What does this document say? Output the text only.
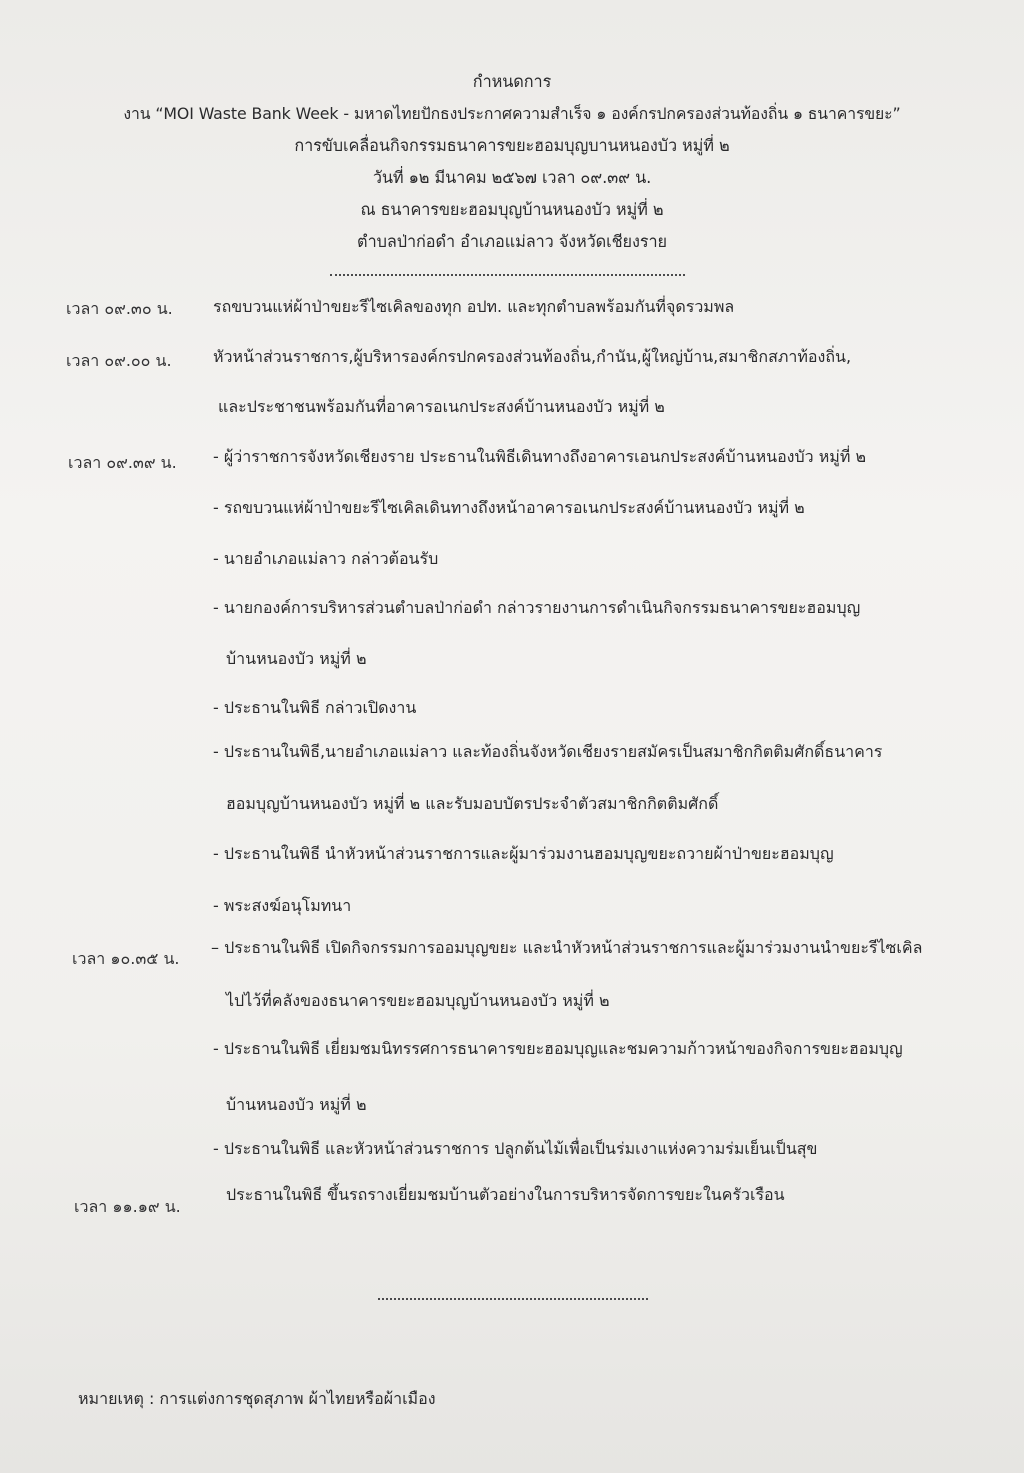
กำหนดการ
งาน “MOI Waste Bank Week - มหาดไทยปักธงประกาศความสำเร็จ ๑ องค์กรปกครองส่วนท้องถิ่น ๑ ธนาคารขยะ”
การขับเคลื่อนกิจกรรมธนาคารขยะฮอมบุญบานหนองบัว หมู่ที่ ๒
วันที่ ๑๒ มีนาคม ๒๕๖๗ เวลา ๐๙.๓๙ น.
ณ ธนาคารขยะฮอมบุญบ้านหนองบัว หมู่ที่ ๒
ตำบลป่าก่อดำ อำเภอแม่ลาว จังหวัดเชียงราย
เวลา ๐๙.๓๐ น.	รถขบวนแห่ผ้าป่าขยะรีไซเคิลของทุก อปท. และทุกตำบลพร้อมกันที่จุดรวมพล
เวลา ๐๙.๐๐ น.	หัวหน้าส่วนราชการ,ผู้บริหารองค์กรปกครองส่วนท้องถิ่น,กำนัน,ผู้ใหญ่บ้าน,สมาชิกสภาท้องถิ่น,
และประชาชนพร้อมกันที่อาคารอเนกประสงค์บ้านหนองบัว หมู่ที่ ๒
เวลา ๐๙.๓๙ น. - ผู้ว่าราชการจังหวัดเชียงราย ประธานในพิธีเดินทางถึงอาคารเอนกประสงค์บ้านหนองบัว หมู่ที่ ๒
- รถขบวนแห่ผ้าป่าขยะรีไซเคิลเดินทางถึงหน้าอาคารอเนกประสงค์บ้านหนองบัว หมู่ที่ ๒
- นายอำเภอแม่ลาว กล่าวต้อนรับ
- นายกองค์การบริหารส่วนตำบลป่าก่อดำ กล่าวรายงานการดำเนินกิจกรรมธนาคารขยะฮอมบุญ
บ้านหนองบัว หมู่ที่ ๒
- ประธานในพิธี กล่าวเปิดงาน
- ประธานในพิธี,นายอำเภอแม่ลาว และท้องถิ่นจังหวัดเชียงรายสมัครเป็นสมาชิกกิตติมศักดิ์ธนาคาร
ฮอมบุญบ้านหนองบัว หมู่ที่ ๒ และรับมอบบัตรประจำตัวสมาชิกกิตติมศักดิ์
- ประธานในพิธี นำหัวหน้าส่วนราชการและผู้มาร่วมงานฮอมบุญขยะถวายผ้าป่าขยะฮอมบุญ
- พระสงฆ์อนุโมทนา
เวลา ๑๐.๓๕ น.
– ประธานในพิธี เปิดกิจกรรมการออมบุญขยะ และนำหัวหน้าส่วนราชการและผู้มาร่วมงานนำขยะรีไซเคิล
ไปไว้ที่คลังของธนาคารขยะฮอมบุญบ้านหนองบัว หมู่ที่ ๒
- ประธานในพิธี เยี่ยมชมนิทรรศการธนาคารขยะฮอมบุญและชมความก้าวหน้าของกิจการขยะฮอมบุญ
บ้านหนองบัว หมู่ที่ ๒
- ประธานในพิธี และหัวหน้าส่วนราชการ ปลูกต้นไม้เพื่อเป็นร่มเงาแห่งความร่มเย็นเป็นสุข
เวลา ๑๑.๑๙ น.
ประธานในพิธี ขึ้นรถรางเยี่ยมชมบ้านตัวอย่างในการบริหารจัดการขยะในครัวเรือน
หมายเหตุ : การแต่งการชุดสุภาพ ผ้าไทยหรือผ้าเมือง
